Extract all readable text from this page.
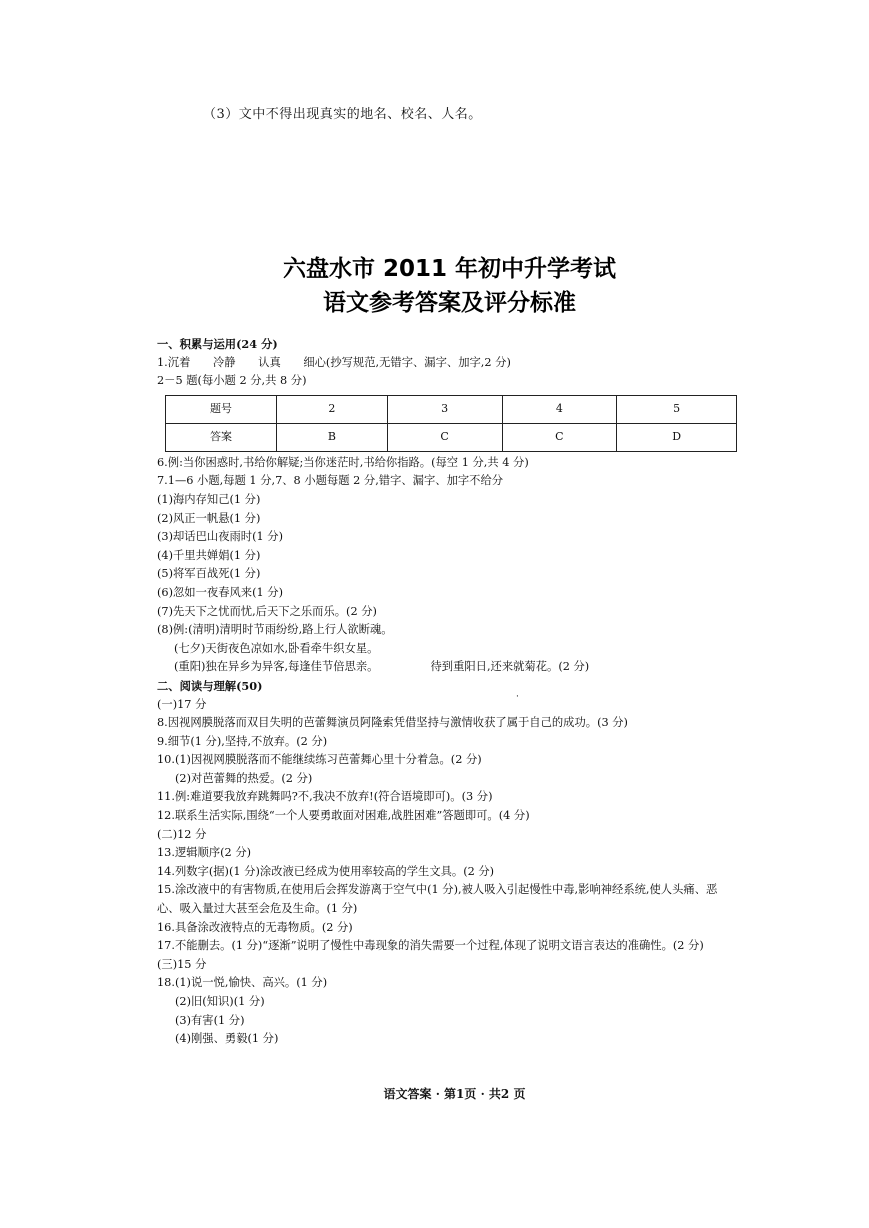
（3）文中不得出现真实的地名、校名、人名。
六盘水市 2011 年初中升学考试
语文参考答案及评分标准
一、积累与运用(24 分)
1.沉着　　冷静　　认真　　细心(抄写规范,无错字、漏字、加字,2 分)
2－5 题(每小题 2 分,共 8 分)
题号	2	3	4	5
答案	B	C	C	D
6.例:当你困惑时,书给你解疑;当你迷茫时,书给你指路。(每空 1 分,共 4 分)
7.1—6 小题,每题 1 分,7、8 小题每题 2 分,错字、漏字、加字不给分
(1)海内存知己(1 分)
(2)风正一帆悬(1 分)
(3)却话巴山夜雨时(1 分)
(4)千里共婵娟(1 分)
(5)将军百战死(1 分)
(6)忽如一夜春风来(1 分)
(7)先天下之忧而忧,后天下之乐而乐。(2 分)
(8)例:(清明)清明时节雨纷纷,路上行人欲断魂。
(七夕)天街夜色凉如水,卧看牵牛织女星。
(重阳)独在异乡为异客,每逢佳节倍思亲。	待到重阳日,还来就菊花。(2 分)
二、阅读与理解(50)
(一)17 分
8.因视网膜脱落而双目失明的芭蕾舞演员阿隆索凭借坚持与激情收获了属于自己的成功。(3 分)
9.细节(1 分),坚持,不放弃。(2 分)
10.(1)因视网膜脱落而不能继续练习芭蕾舞心里十分着急。(2 分)
(2)对芭蕾舞的热爱。(2 分)
11.例:难道要我放弃跳舞吗?不,我决不放弃!(符合语境即可)。(3 分)
12.联系生活实际,围绕“一个人要勇敢面对困难,战胜困难”答题即可。(4 分)
(二)12 分
13.逻辑顺序(2 分)
14.列数字(据)(1 分)涂改液已经成为使用率较高的学生文具。(2 分)
15.涂改液中的有害物质,在使用后会挥发游离于空气中(1 分),被人吸入引起慢性中毒,影响神经系统,使人头痛、恶心、吸入量过大甚至会危及生命。(1 分)
16.具备涂改液特点的无毒物质。(2 分)
17.不能删去。(1 分)“逐渐”说明了慢性中毒现象的消失需要一个过程,体现了说明文语言表达的准确性。(2 分)
(三)15 分
18.(1)说一悦,愉快、高兴。(1 分)
(2)旧(知识)(1 分)
(3)有害(1 分)
(4)刚强、勇毅(1 分)
·
语文答案 · 第1页 · 共2 页
